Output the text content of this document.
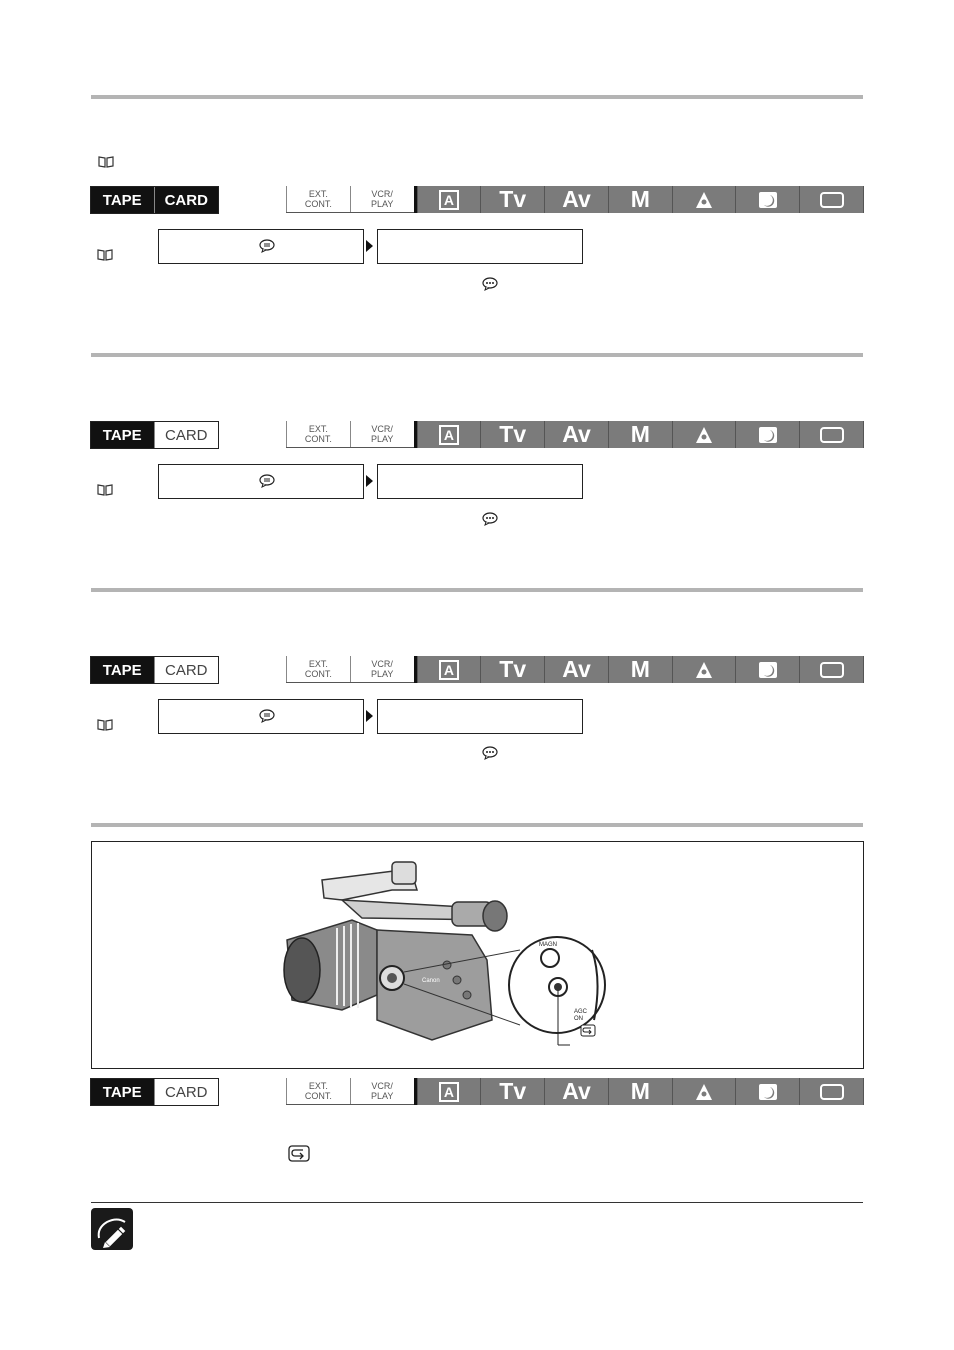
TAPE	CARD	EXT.
CONT.
VCR/
PLAY	A	Tv	Av	M
TAPE	CARD	EXT.
CONT.
VCR/
PLAY	A	Tv	Av	M
TAPE	CARD	EXT.
CONT.
VCR/
PLAY	A	Tv	Av	M
Canon
MAGN
AGC
ON
TAPE	CARD	EXT.
CONT.
VCR/
PLAY	A	Tv	Av	M
